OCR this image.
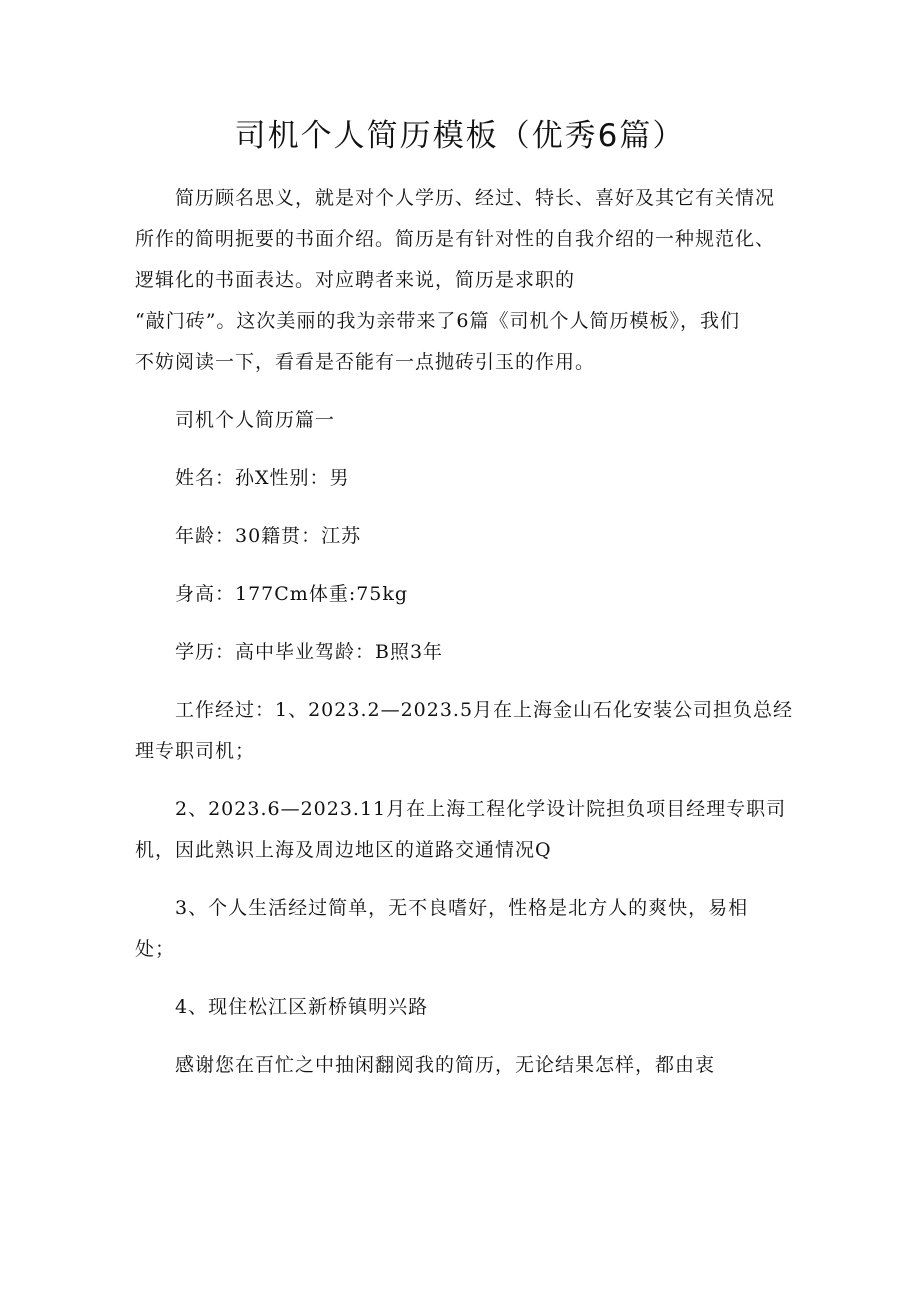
司机个人简历模板（优秀6篇）

简历顾名思义，就是对个人学历、经过、特长、喜好及其它有关情况
所作的简明扼要的书面介绍。简历是有针对性的自我介绍的一种规范化、
逻辑化的书面表达。对应聘者来说，简历是求职的
“敲门砖”。这次美丽的我为亲带来了6篇《司机个人简历模板》，我们
不妨阅读一下，看看是否能有一点抛砖引玉的作用。

司机个人简历篇一

姓名：孙X性别：男

年龄：30籍贯：江苏

身高：177Cm体重:75kg

学历：高中毕业驾龄：B照3年

工作经过：1、2023.2—2023.5月在上海金山石化安装公司担负总经
理专职司机；

2、2023.6—2023.11月在上海工程化学设计院担负项目经理专职司
机，因此熟识上海及周边地区的道路交通情况Q

3、个人生活经过简单，无不良嗜好，性格是北方人的爽快，易相
处；

4、现住松江区新桥镇明兴路

感谢您在百忙之中抽闲翻阅我的简历，无论结果怎样，都由衷
